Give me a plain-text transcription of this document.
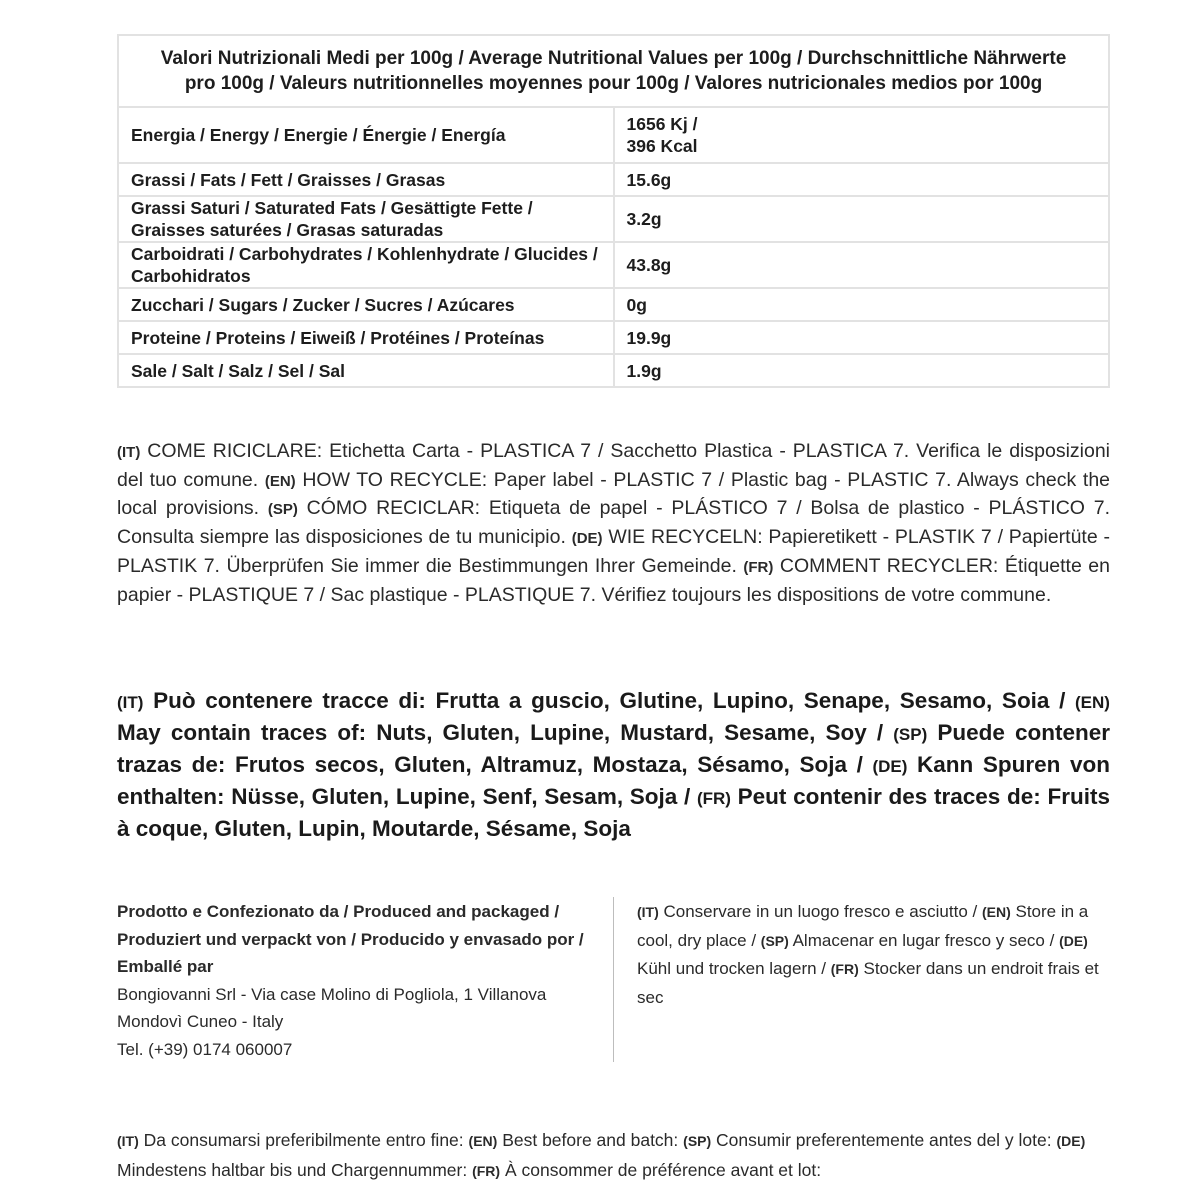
Valori Nutrizionali Medi per 100g / Average Nutritional Values per 100g / Durchschnittliche Nährwerte
pro 100g / Valeurs nutritionnelles moyennes pour 100g / Valores nutricionales medios por 100g	
Energia / Energy / Energie / Énergie / Energía	1656 Kj /
396 Kcal
Grassi / Fats / Fett / Graisses / Grasas	15.6g
Grassi Saturi / Saturated Fats / Gesättigte Fette / Graisses saturées / Grasas saturadas	3.2g
Carboidrati / Carbohydrates / Kohlenhydrate / Glucides / Carbohidratos	43.8g
Zucchari / Sugars / Zucker / Sucres / Azúcares	0g
Proteine / Proteins / Eiweiß / Protéines / Proteínas	19.9g
Sale / Salt / Salz / Sel / Sal	1.9g
(IT) COME RICICLARE: Etichetta Carta - PLASTICA 7 / Sacchetto Plastica - PLASTICA 7. Verifica le disposizioni del tuo comune. (EN) HOW TO RECYCLE: Paper label - PLASTIC 7 / Plastic bag - PLASTIC 7. Always check the local provisions. (SP) CÓMO RECICLAR: Etiqueta de papel - PLÁSTICO 7 / Bolsa de plastico - PLÁSTICO 7. Consulta siempre las disposiciones de tu municipio. (DE) WIE RECYCELN: Papieretikett - PLASTIK 7 / Papiertüte - PLASTIK 7. Überprüfen Sie immer die Bestimmungen Ihrer Gemeinde. (FR) COMMENT RECYCLER: Étiquette en papier - PLASTIQUE 7 / Sac plastique - PLASTIQUE 7. Vérifiez toujours les dispositions de votre commune.
(IT) Può contenere tracce di: Frutta a guscio, Glutine, Lupino, Senape, Sesamo, Soia / (EN) May contain traces of: Nuts, Gluten, Lupine, Mustard, Sesame, Soy / (SP) Puede contener trazas de: Frutos secos, Gluten, Altramuz, Mostaza, Sésamo, Soja / (DE) Kann Spuren von enthalten: Nüsse, Gluten, Lupine, Senf, Sesam, Soja / (FR) Peut contenir des traces de: Fruits à coque, Gluten, Lupin, Moutarde, Sésame, Soja
Prodotto e Confezionato da / Produced and packaged / Produziert und verpackt von / Producido y envasado por / Emballé par
Bongiovanni Srl - Via case Molino di Pogliola, 1 Villanova Mondovì Cuneo - Italy
Tel. (+39) 0174 060007
(IT) Conservare in un luogo fresco e asciutto / (EN) Store in a cool, dry place / (SP) Almacenar en lugar fresco y seco / (DE) Kühl und trocken lagern / (FR) Stocker dans un endroit frais et sec
(IT) Da consumarsi preferibilmente entro fine: (EN) Best before and batch: (SP) Consumir preferentemente antes del y lote: (DE) Mindestens haltbar bis und Chargennummer: (FR) À consommer de préférence avant et lot:
